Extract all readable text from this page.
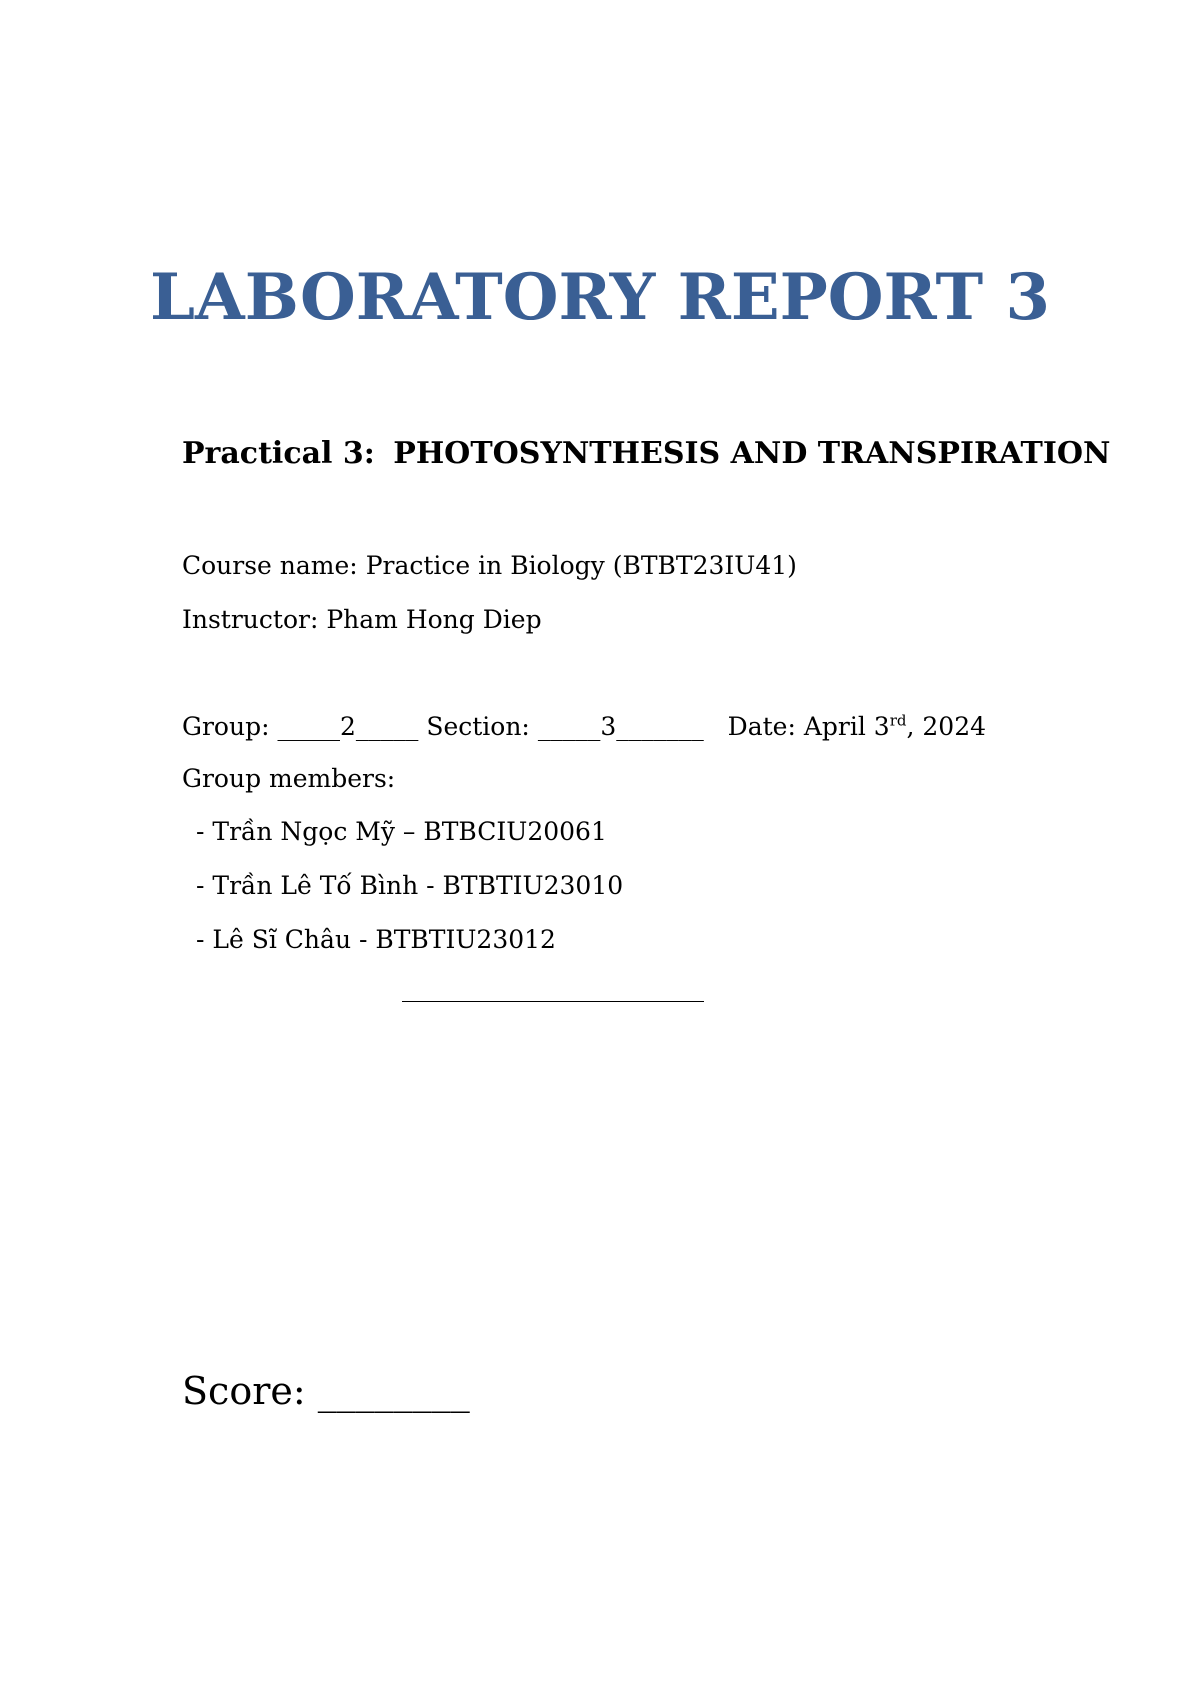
LABORATORY REPORT 3
Practical 3: PHOTOSYNTHESIS AND TRANSPIRATION
Course name: Practice in Biology (BTBT23IU41)
Instructor: Pham Hong Diep
Group: _____2_____ Section: _____3_______ Date: April 3rd, 2024
Group members:
- Trần Ngọc Mỹ – BTBCIU20061
- Trần Lê Tố Bình - BTBTIU23010
- Lê Sĩ Châu - BTBTIU23012
Score: ________
